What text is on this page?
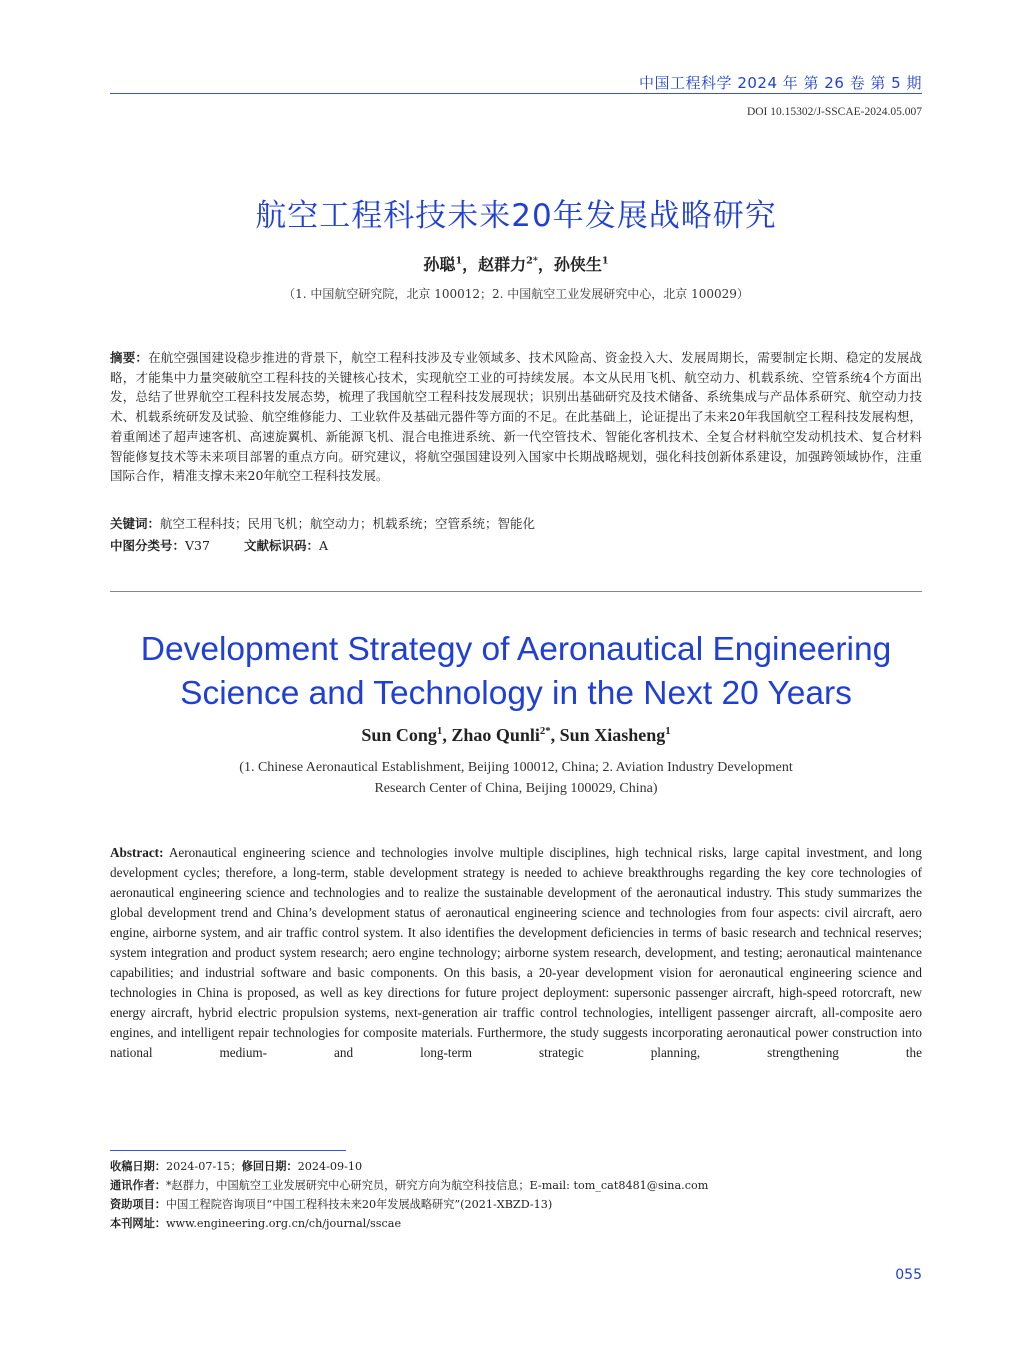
中国工程科学 2024 年 第 26 卷 第 5 期
DOI 10.15302/J-SSCAE-2024.05.007
航空工程科技未来20年发展战略研究
孙聪$^1$，赵群力$^{2*}$，孙侠生$^1$
（1. 中国航空研究院，北京 100012；2. 中国航空工业发展研究中心，北京 100029）
摘要：在航空强国建设稳步推进的背景下，航空工程科技涉及专业领域多、技术风险高、资金投入大、发展周期长，需要制定长期、稳定的发展战略，才能集中力量突破航空工程科技的关键核心技术，实现航空工业的可持续发展。本文从民用飞机、航空动力、机载系统、空管系统4个方面出发，总结了世界航空工程科技发展态势，梳理了我国航空工程科技发展现状；识别出基础研究及技术储备、系统集成与产品体系研究、航空动力技术、机载系统研发及试验、航空维修能力、工业软件及基础元器件等方面的不足。在此基础上，论证提出了未来20年我国航空工程科技发展构想，着重阐述了超声速客机、高速旋翼机、新能源飞机、混合电推进系统、新一代空管技术、智能化客机技术、全复合材料航空发动机技术、复合材料智能修复技术等未来项目部署的重点方向。研究建议，将航空强国建设列入国家中长期战略规划，强化科技创新体系建设，加强跨领域协作，注重国际合作，精准支撑未来20年航空工程科技发展。
关键词：航空工程科技；民用飞机；航空动力；机载系统；空管系统；智能化
中图分类号：V37	文献标识码：A
Development Strategy of Aeronautical Engineering
Science and Technology in the Next 20 Years
Sun Cong$^1$, Zhao Qunli$^{2*}$, Sun Xiasheng$^1$
(1. Chinese Aeronautical Establishment, Beijing 100012, China; 2. Aviation Industry Development
Research Center of China, Beijing 100029, China)
Abstract: Aeronautical engineering science and technologies involve multiple disciplines, high technical risks, large capital investment, and long development cycles; therefore, a long-term, stable development strategy is needed to achieve breakthroughs regarding the key core technologies of aeronautical engineering science and technologies and to realize the sustainable development of the aeronautical industry. This study summarizes the global development trend and China’s development status of aeronautical engineering science and technologies from four aspects: civil aircraft, aero engine, airborne system, and air traffic control system. It also identifies the development deficiencies in terms of basic research and technical reserves; system integration and product system research; aero engine technology; airborne system research, development, and testing; aeronautical maintenance capabilities; and industrial software and basic components. On this basis, a 20-year development vision for aeronautical engineering science and technologies in China is proposed, as well as key directions for future project deployment: supersonic passenger aircraft, high-speed rotorcraft, new energy aircraft, hybrid electric propulsion systems, next-generation air traffic control technologies, intelligent passenger aircraft, all-composite aero engines, and intelligent repair technologies for composite materials. Furthermore, the study suggests incorporating aeronautical power construction into national medium- and long-term strategic planning, strengthening the
收稿日期：2024-07-15；修回日期：2024-09-10
通讯作者：*赵群力，中国航空工业发展研究中心研究员，研究方向为航空科技信息；E-mail: tom_cat8481@sina.com
资助项目：中国工程院咨询项目“中国工程科技未来20年发展战略研究”(2021-XBZD-13)
本刊网址：www.engineering.org.cn/ch/journal/sscae
055
